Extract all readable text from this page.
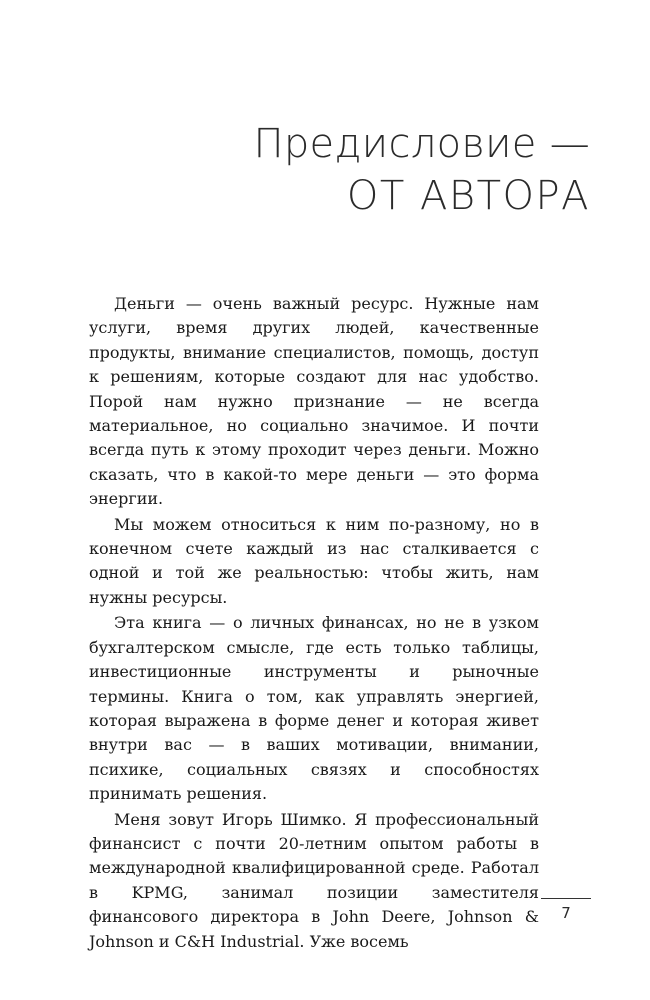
Предисловие —
ОТ АВТОРА

Деньги — очень важный ресурс. Нужные нам услуги, время других людей, качественные продукты, внимание специалистов, помощь, доступ к решениям, которые создают для нас удобство. Порой нам нужно признание — не всегда материальное, но социально значимое. И почти всегда путь к этому проходит через деньги. Можно сказать, что в какой-то мере деньги — это форма энергии.

Мы можем относиться к ним по-разному, но в конечном счете каждый из нас сталкивается с одной и той же реальностью: чтобы жить, нам нужны ресурсы.

Эта книга — о личных финансах, но не в узком бухгалтерском смысле, где есть только таблицы, инвестиционные инструменты и рыночные термины. Книга о том, как управлять энергией, которая выражена в форме денег и которая живет внутри вас — в ваших мотивации, внимании, психике, социальных связях и способностях принимать решения.

Меня зовут Игорь Шимко. Я профессиональный финансист с почти 20-летним опытом работы в международной квалифицированной среде. Работал в KPMG, занимал позиции заместителя финансового директора в John Deere, Johnson & Johnson и C&H Industrial. Уже восемь

7
